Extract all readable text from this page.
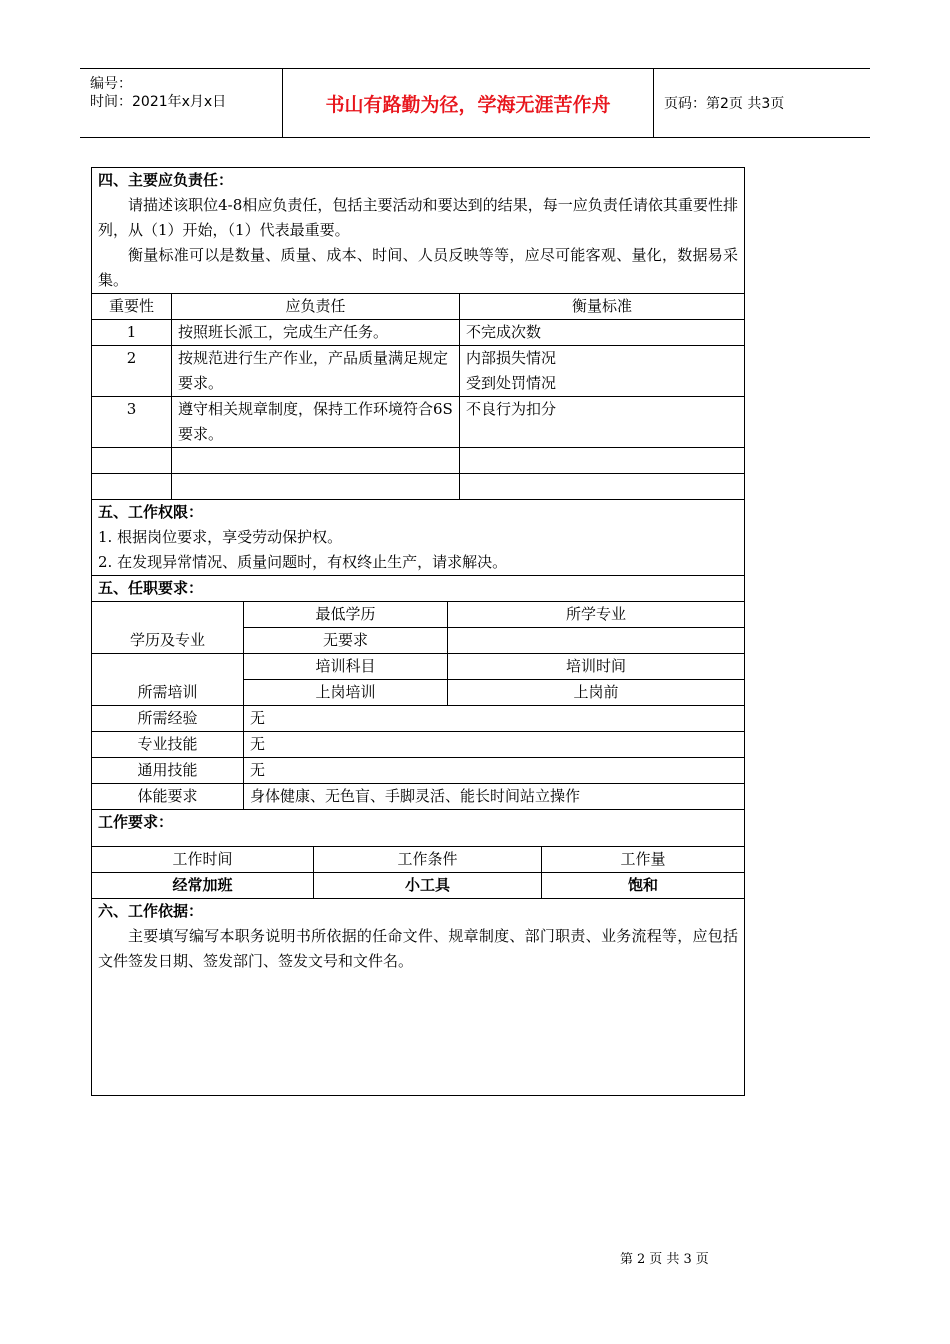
编号：
时间：2021年x月x日	书山有路勤为径，学海无涯苦作舟	页码：第2页 共3页
四、主要应负责任：

请描述该职位4-8相应负责任，包括主要活动和要达到的结果，每一应负责任请依其重要性排列，从（1）开始，（1）代表最重要。

衡量标准可以是数量、质量、成本、时间、人员反映等等，应尽可能客观、量化，数据易采集。						

重要性	应负责任				衡量标准	
1	按照班长派工，完成生产任务。				不完成次数	

2	按规范进行生产作业，产品质量满足规定要求。				内部损失情况
受到处罚情况	

3	遵守相关规章制度，保持工作环境符合6S要求。				不良行为扣分	

五、工作权限：
1. 根据岗位要求，享受劳动保护权。
2. 在发现异常情况、质量问题时，有权终止生产，请求解决。						

五、任职要求：						
学历及专业		最低学历		所学专业		
		无要求				
所需培训		培训科目		培训时间		
		上岗培训		上岗前		
所需经验		无				
专业技能		无				
通用技能		无				
体能要求		身体健康、无色盲、手脚灵活、能长时间站立操作				
工作要求：						
工作时间			工作条件			工作量
经常加班			小工具			饱和

六、工作依据：

主要填写编写本职务说明书所依据的任命文件、规章制度、部门职责、业务流程等，应包括文件签发日期、签发部门、签发文号和文件名。						

第 2 页 共 3 页
